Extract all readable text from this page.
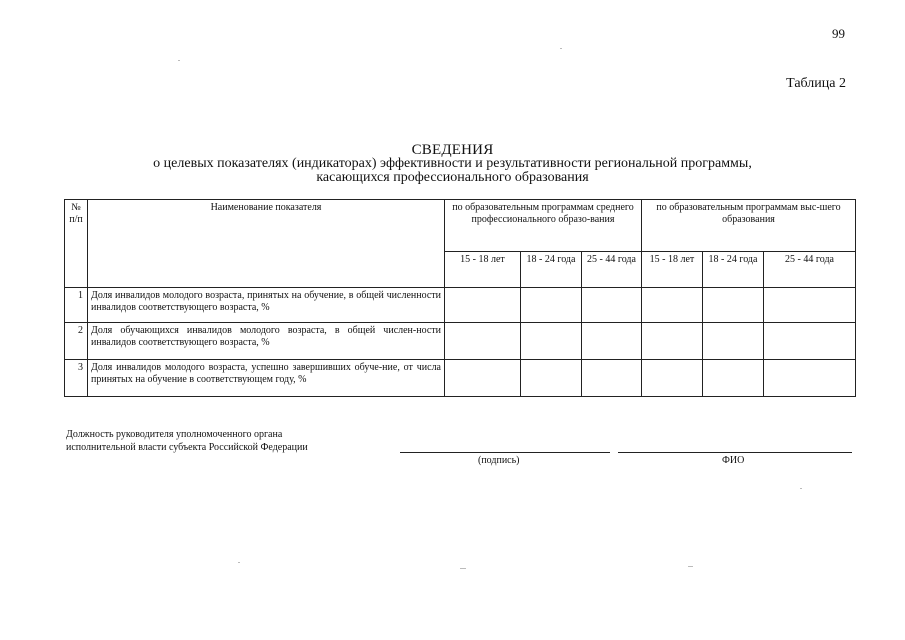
99
Таблица 2
СВЕДЕНИЯ
о целевых показателях (индикаторах) эффективности и результативности региональной программы,
касающихся профессионального образования
№ п/п	Наименование показателя	по образовательным программам среднего профессионального образо-вания			по образовательным программам выс-шего образования		
		15 - 18 лет	18 - 24 года	25 - 44 года	15 - 18 лет	18 - 24 года	25 - 44 года
1	Доля инвалидов молодого возраста, принятых на обучение, в общей численности инвалидов соответствующего возраста, %						
2	Доля обучающихся инвалидов молодого возраста, в общей числен-ности инвалидов соответствующего возраста, %						
3	Доля инвалидов молодого возраста, успешно завершивших обуче-ние, от числа принятых на обучение в соответствующем году, %						
Должность руководителя уполномоченного органа
исполнительной власти субъекта Российской Федерации
(подпись)	ФИО
